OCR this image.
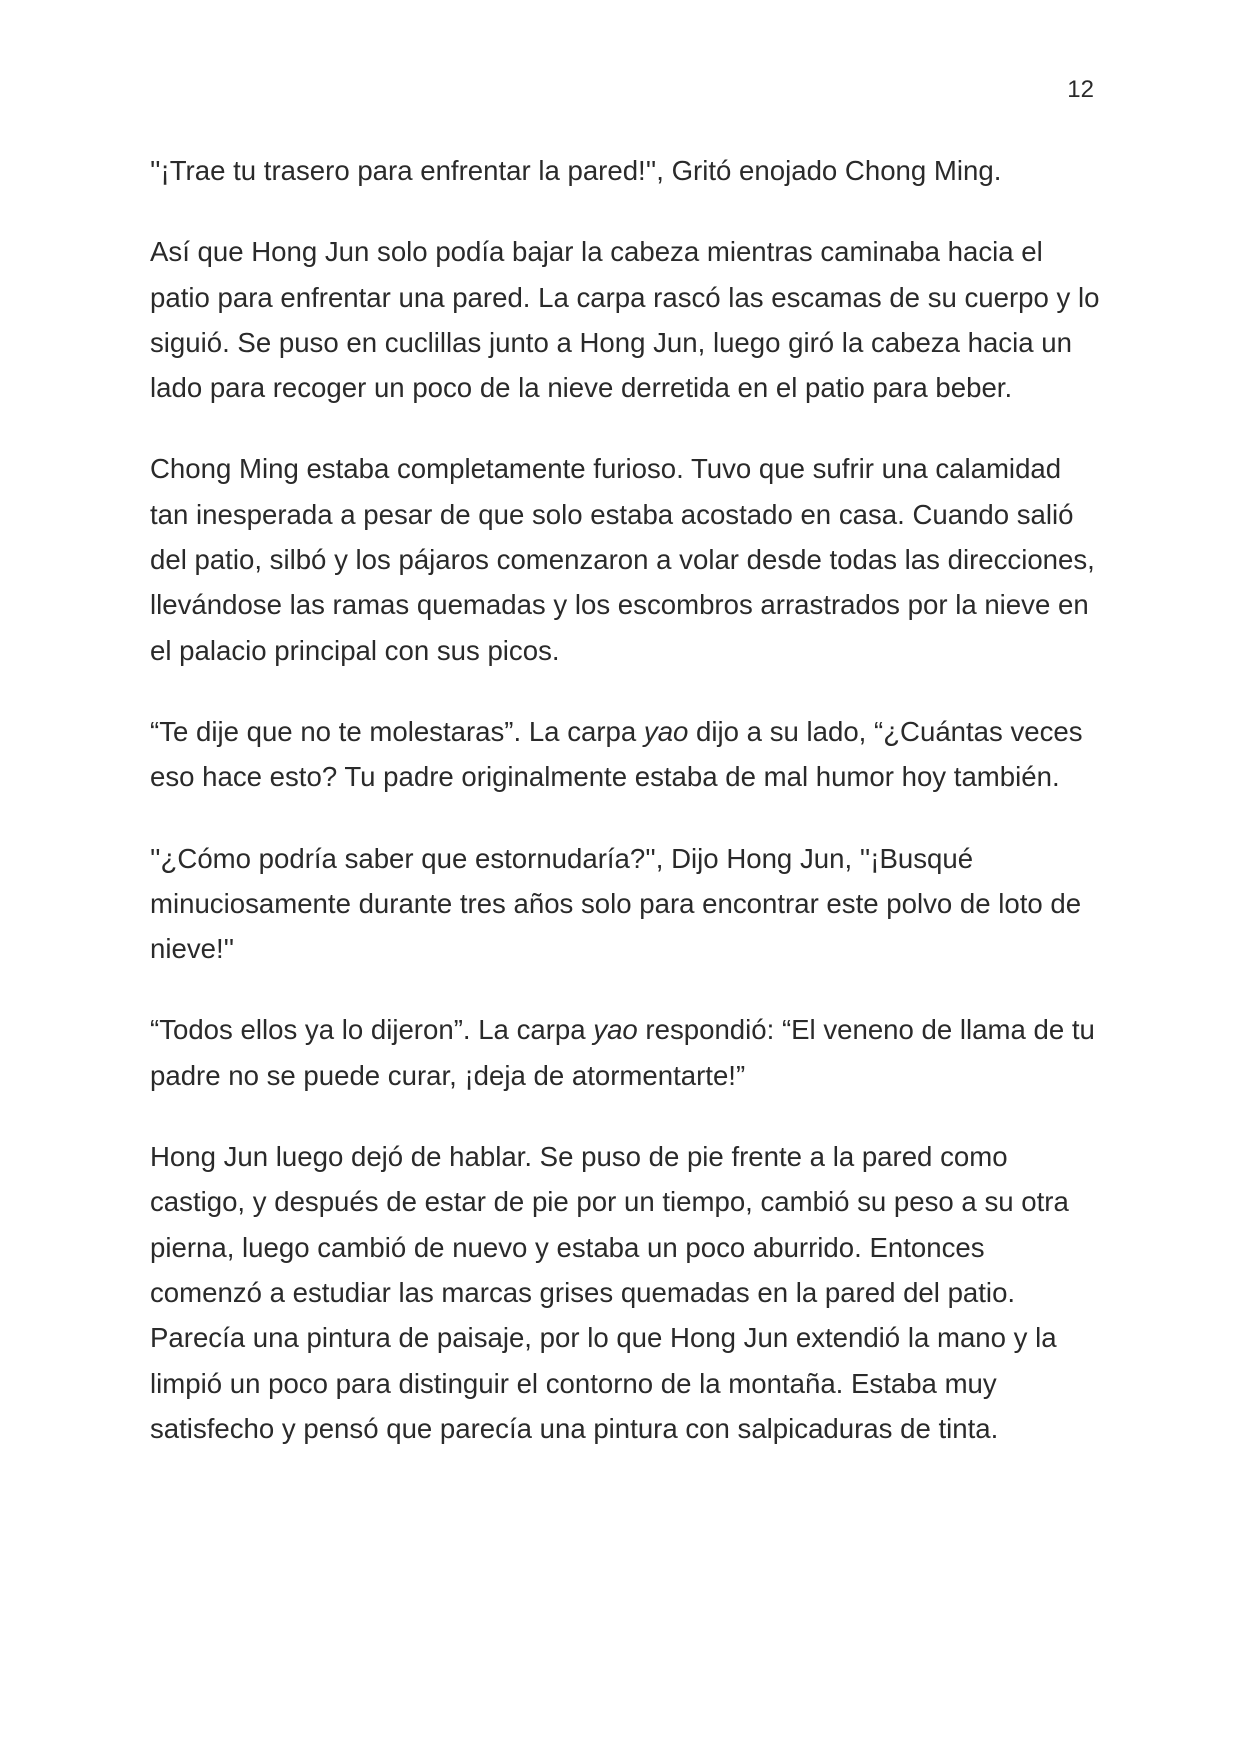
12

''¡Trae tu trasero para enfrentar la pared!'', Gritó enojado Chong Ming.

Así que Hong Jun solo podía bajar la cabeza mientras caminaba hacia el patio para enfrentar una pared. La carpa rascó las escamas de su cuerpo y lo siguió. Se puso en cuclillas junto a Hong Jun, luego giró la cabeza hacia un lado para recoger un poco de la nieve derretida en el patio para beber.

Chong Ming estaba completamente furioso. Tuvo que sufrir una calamidad tan inesperada a pesar de que solo estaba acostado en casa. Cuando salió del patio, silbó y los pájaros comenzaron a volar desde todas las direcciones, llevándose las ramas quemadas y los escombros arrastrados por la nieve en el palacio principal con sus picos.

“Te dije que no te molestaras”. La carpa yao dijo a su lado, “¿Cuántas veces eso hace esto? Tu padre originalmente estaba de mal humor hoy también.

''¿Cómo podría saber que estornudaría?'', Dijo Hong Jun, ''¡Busqué minuciosamente durante tres años solo para encontrar este polvo de loto de nieve!''

“Todos ellos ya lo dijeron”. La carpa yao respondió: “El veneno de llama de tu padre no se puede curar, ¡deja de atormentarte!”

Hong Jun luego dejó de hablar. Se puso de pie frente a la pared como castigo, y después de estar de pie por un tiempo, cambió su peso a su otra pierna, luego cambió de nuevo y estaba un poco aburrido. Entonces comenzó a estudiar las marcas grises quemadas en la pared del patio. Parecía una pintura de paisaje, por lo que Hong Jun extendió la mano y la limpió un poco para distinguir el contorno de la montaña. Estaba muy satisfecho y pensó que parecía una pintura con salpicaduras de tinta.
